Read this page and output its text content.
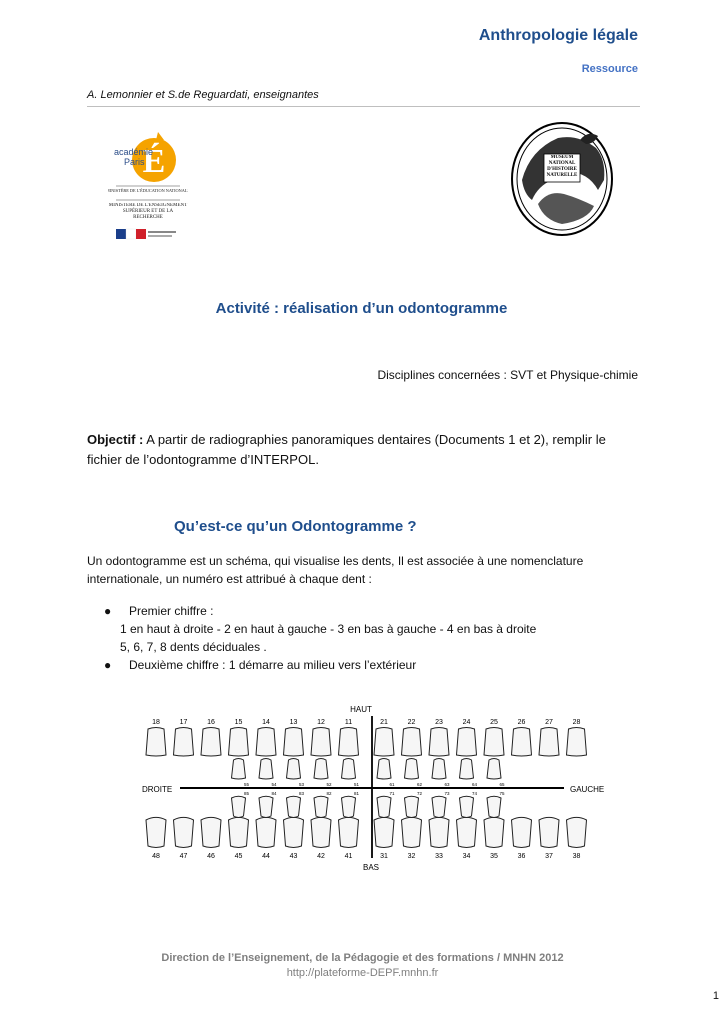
Anthropologie légale
Ressource
A. Lemonnier et S.de Reguardati, enseignantes
É
académie
Paris
MINISTÈRE DE L'ÉDUCATION NATIONALE
MINISTÈRE DE L'ENSEIGNEMENT SUPÉRIEUR ET DE LA RECHERCHE
MUSEUM NATIONAL D'HISTOIRE NATURELLE
Activité : réalisation d’un odontogramme
Disciplines concernées : SVT et Physique-chimie
Objectif : A partir de radiographies panoramiques dentaires (Documents 1 et 2), remplir le fichier de l’odontogramme d’INTERPOL.
Qu’est-ce qu’un Odontogramme ?
Un odontogramme est un schéma, qui visualise les dents, Il est associée à une nomenclature internationale, un numéro est attribué à chaque dent :
● Premier chiffre :
1 en haut à droite - 2 en haut à gauche - 3 en bas à gauche - 4 en bas à droite
5, 6, 7, 8 dents déciduales .
● Deuxième chiffre : 1 démarre au milieu vers l’extérieur
HAUT
BAS
DROITE	GAUCHE
18	17	16	15	14	13	12	11	21	22	23	24	25	26	27	28
48	47	46	45	44	43	42	41	31	32	33	34	35	36	37	38
55	54	53	52	51	61	62	63	64	65
85	84	83	82	81	71	72	73	74	75
Direction de l’Enseignement, de la Pédagogie et des formations / MNHN 2012
http://plateforme-DEPF.mnhn.fr
1
